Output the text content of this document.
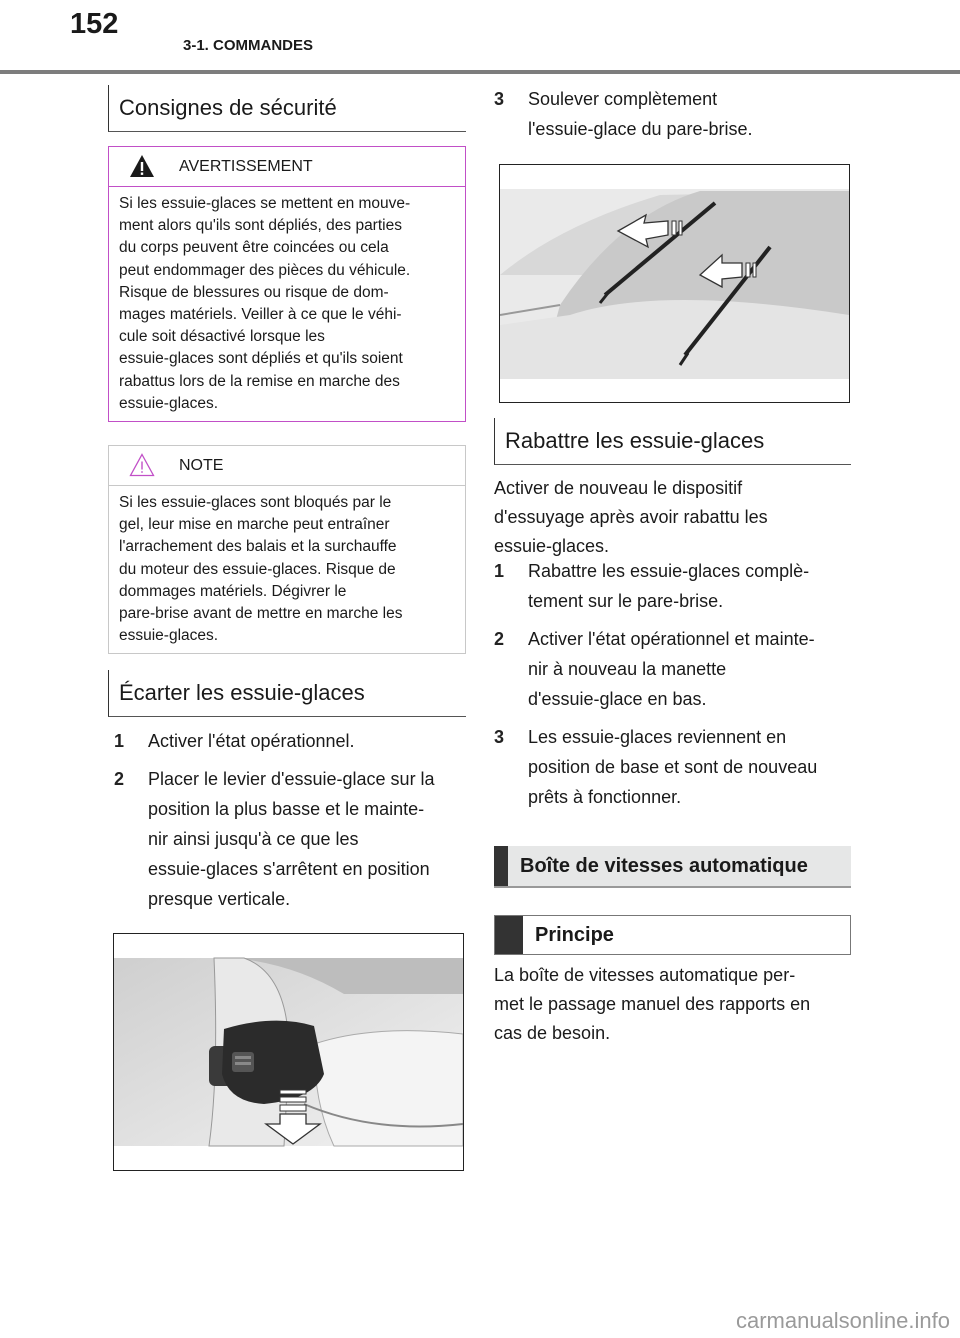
152
3-1. COMMANDES
Consignes de sécurité
AVERTISSEMENT
Si les essuie-glaces se mettent en mouve-
ment alors qu'ils sont dépliés, des parties
du corps peuvent être coincées ou cela
peut endommager des pièces du véhicule.
Risque de blessures ou risque de dom-
mages matériels. Veiller à ce que le véhi-
cule soit désactivé lorsque les
essuie-glaces sont dépliés et qu'ils soient
rabattus lors de la remise en marche des
essuie-glaces.
NOTE
Si les essuie-glaces sont bloqués par le
gel, leur mise en marche peut entraîner
l'arrachement des balais et la surchauffe
du moteur des essuie-glaces. Risque de
dommages matériels. Dégivrer le
pare-brise avant de mettre en marche les
essuie-glaces.
Écarter les essuie-glaces
1	Activer l'état opérationnel.
2	Placer le levier d'essuie-glace sur la
position la plus basse et le mainte-
nir ainsi jusqu'à ce que les
essuie-glaces s'arrêtent en position
presque verticale.
3	Soulever complètement
l'essuie-glace du pare-brise.
Rabattre les essuie-glaces
Activer de nouveau le dispositif
d'essuyage après avoir rabattu les
essuie-glaces.
1	Rabattre les essuie-glaces complè-
tement sur le pare-brise.
2	Activer l'état opérationnel et mainte-
nir à nouveau la manette
d'essuie-glace en bas.
3	Les essuie-glaces reviennent en
position de base et sont de nouveau
prêts à fonctionner.
Boîte de vitesses automatique
Principe
La boîte de vitesses automatique per-
met le passage manuel des rapports en
cas de besoin.
carmanualsonline.info
